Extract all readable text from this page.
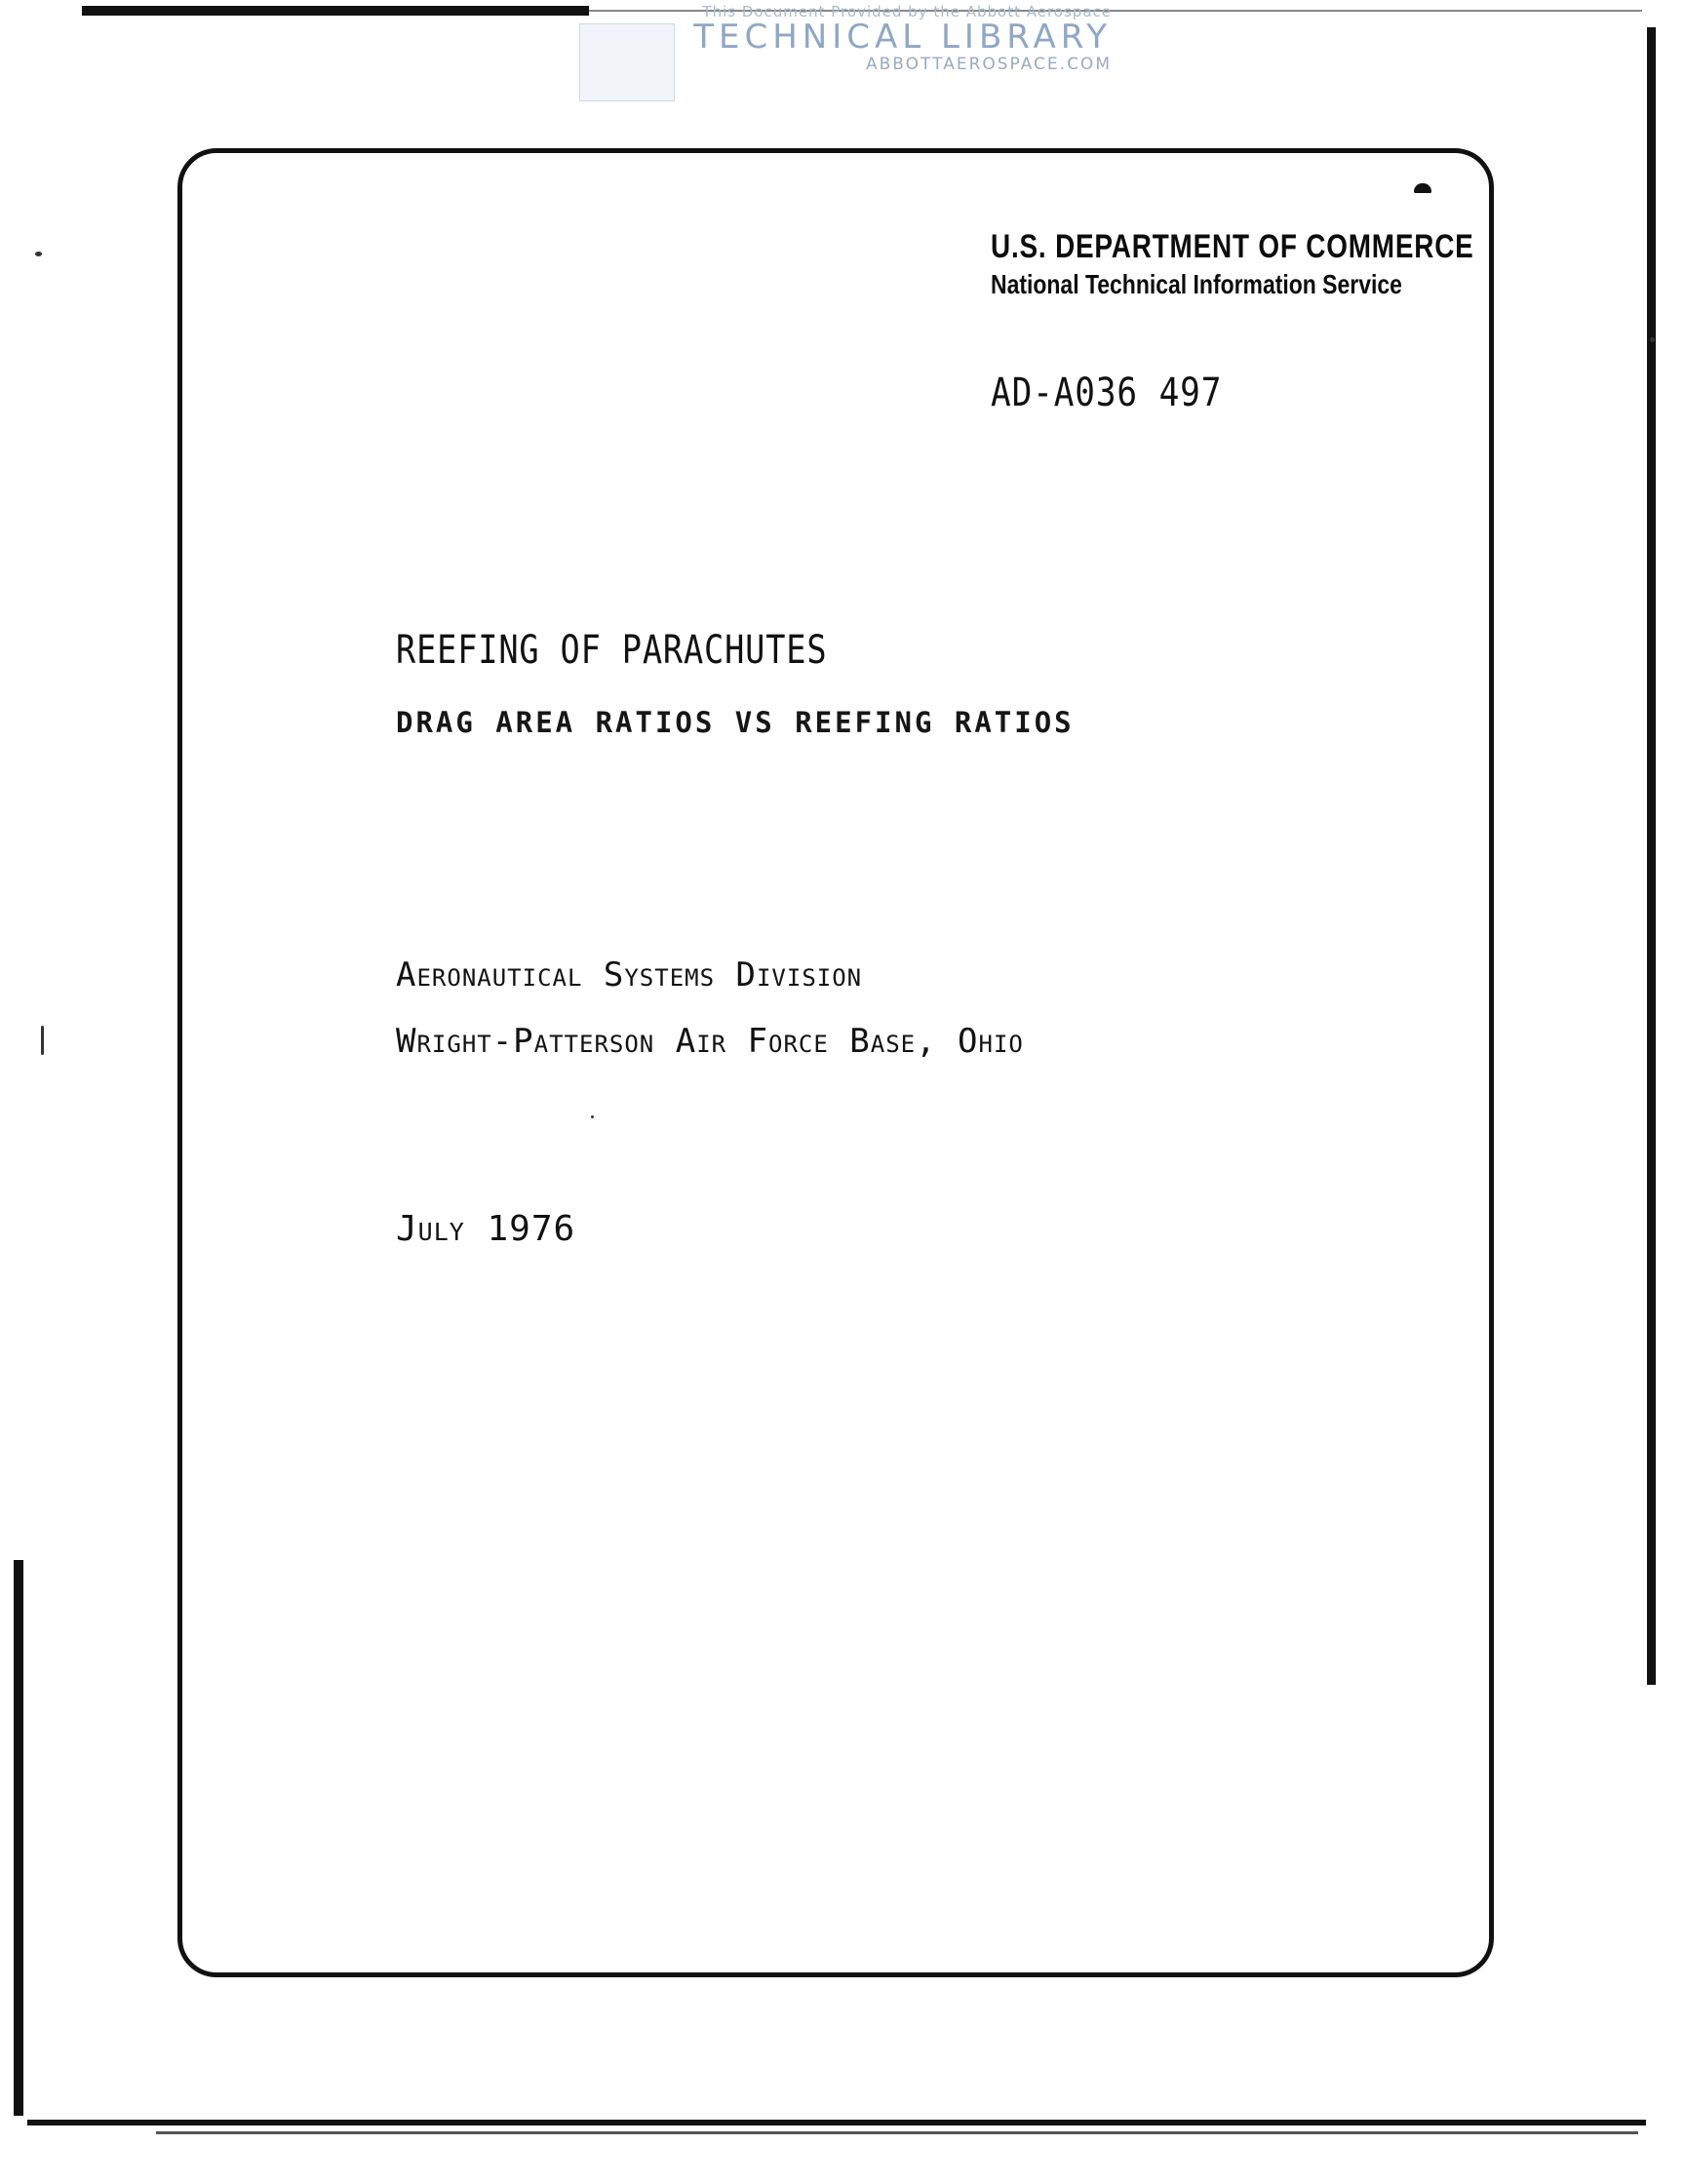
This Document Provided by the Abbott Aerospace
TECHNICAL LIBRARY
ABBOTTAEROSPACE.COM
U.S. DEPARTMENT OF COMMERCE
National Technical Information Service
AD-A036 497
REEFING OF PARACHUTES
DRAG AREA RATIOS VS REEFING RATIOS
Aeronautical Systems Division
Wright-Patterson Air Force Base, Ohio
July 1976
